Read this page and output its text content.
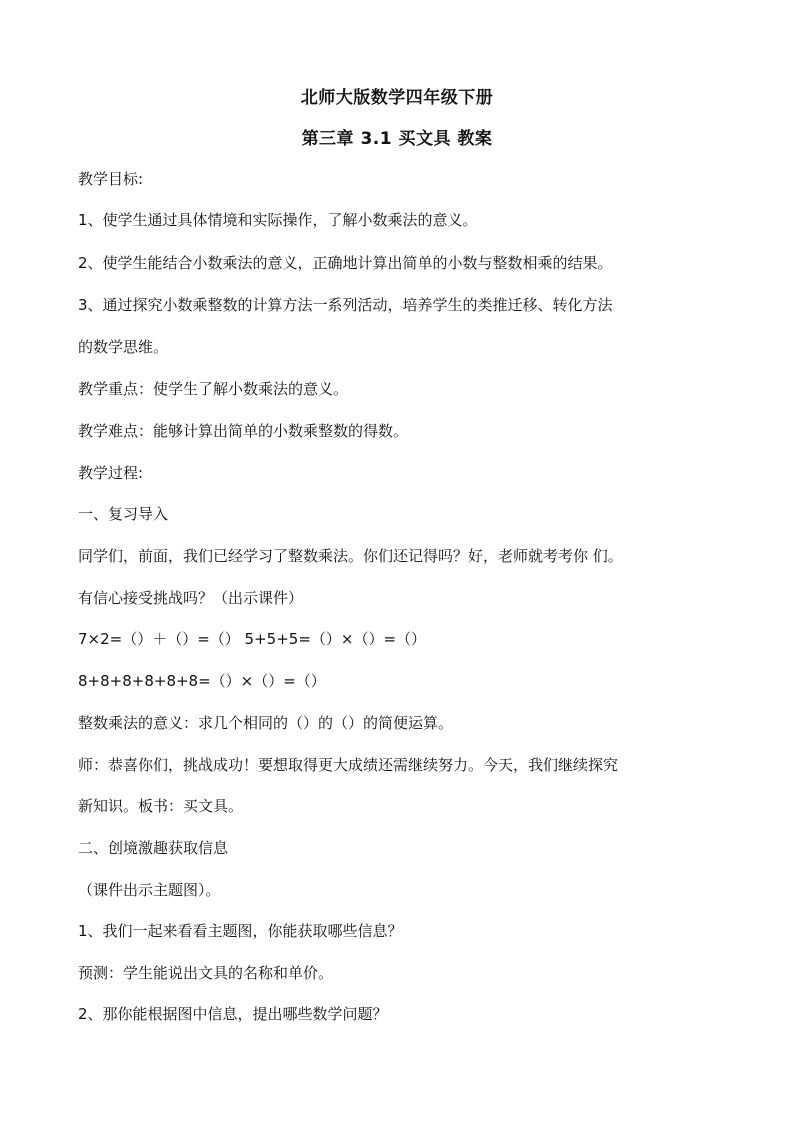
北师大版数学四年级下册
第三章 3.1 买文具 教案
教学目标:
1、使学生通过具体情境和实际操作，了解小数乘法的意义。
2、使学生能结合小数乘法的意义，正确地计算出简单的小数与整数相乘的结果。
3、通过探究小数乘整数的计算方法一系列活动，培养学生的类推迁移、转化方法
的数学思维。
教学重点：使学生了解小数乘法的意义。
教学难点：能够计算出简单的小数乘整数的得数。
教学过程:
一、复习导入
同学们，前面，我们已经学习了整数乘法。你们还记得吗？好，老师就考考你 们。
有信心接受挑战吗？（出示课件）
7×2=（）＋（）=（） 5+5+5=（）×（）=（）
8+8+8+8+8+8=（）×（）=（）
整数乘法的意义：求几个相同的（）的（）的简便运算。
师：恭喜你们，挑战成功！要想取得更大成绩还需继续努力。今天，我们继续探究
新知识。板书：买文具。
二、创境激趣获取信息
（课件出示主题图）。
1、我们一起来看看主题图，你能获取哪些信息？
预测：学生能说出文具的名称和单价。
2、那你能根据图中信息，提出哪些数学问题？
